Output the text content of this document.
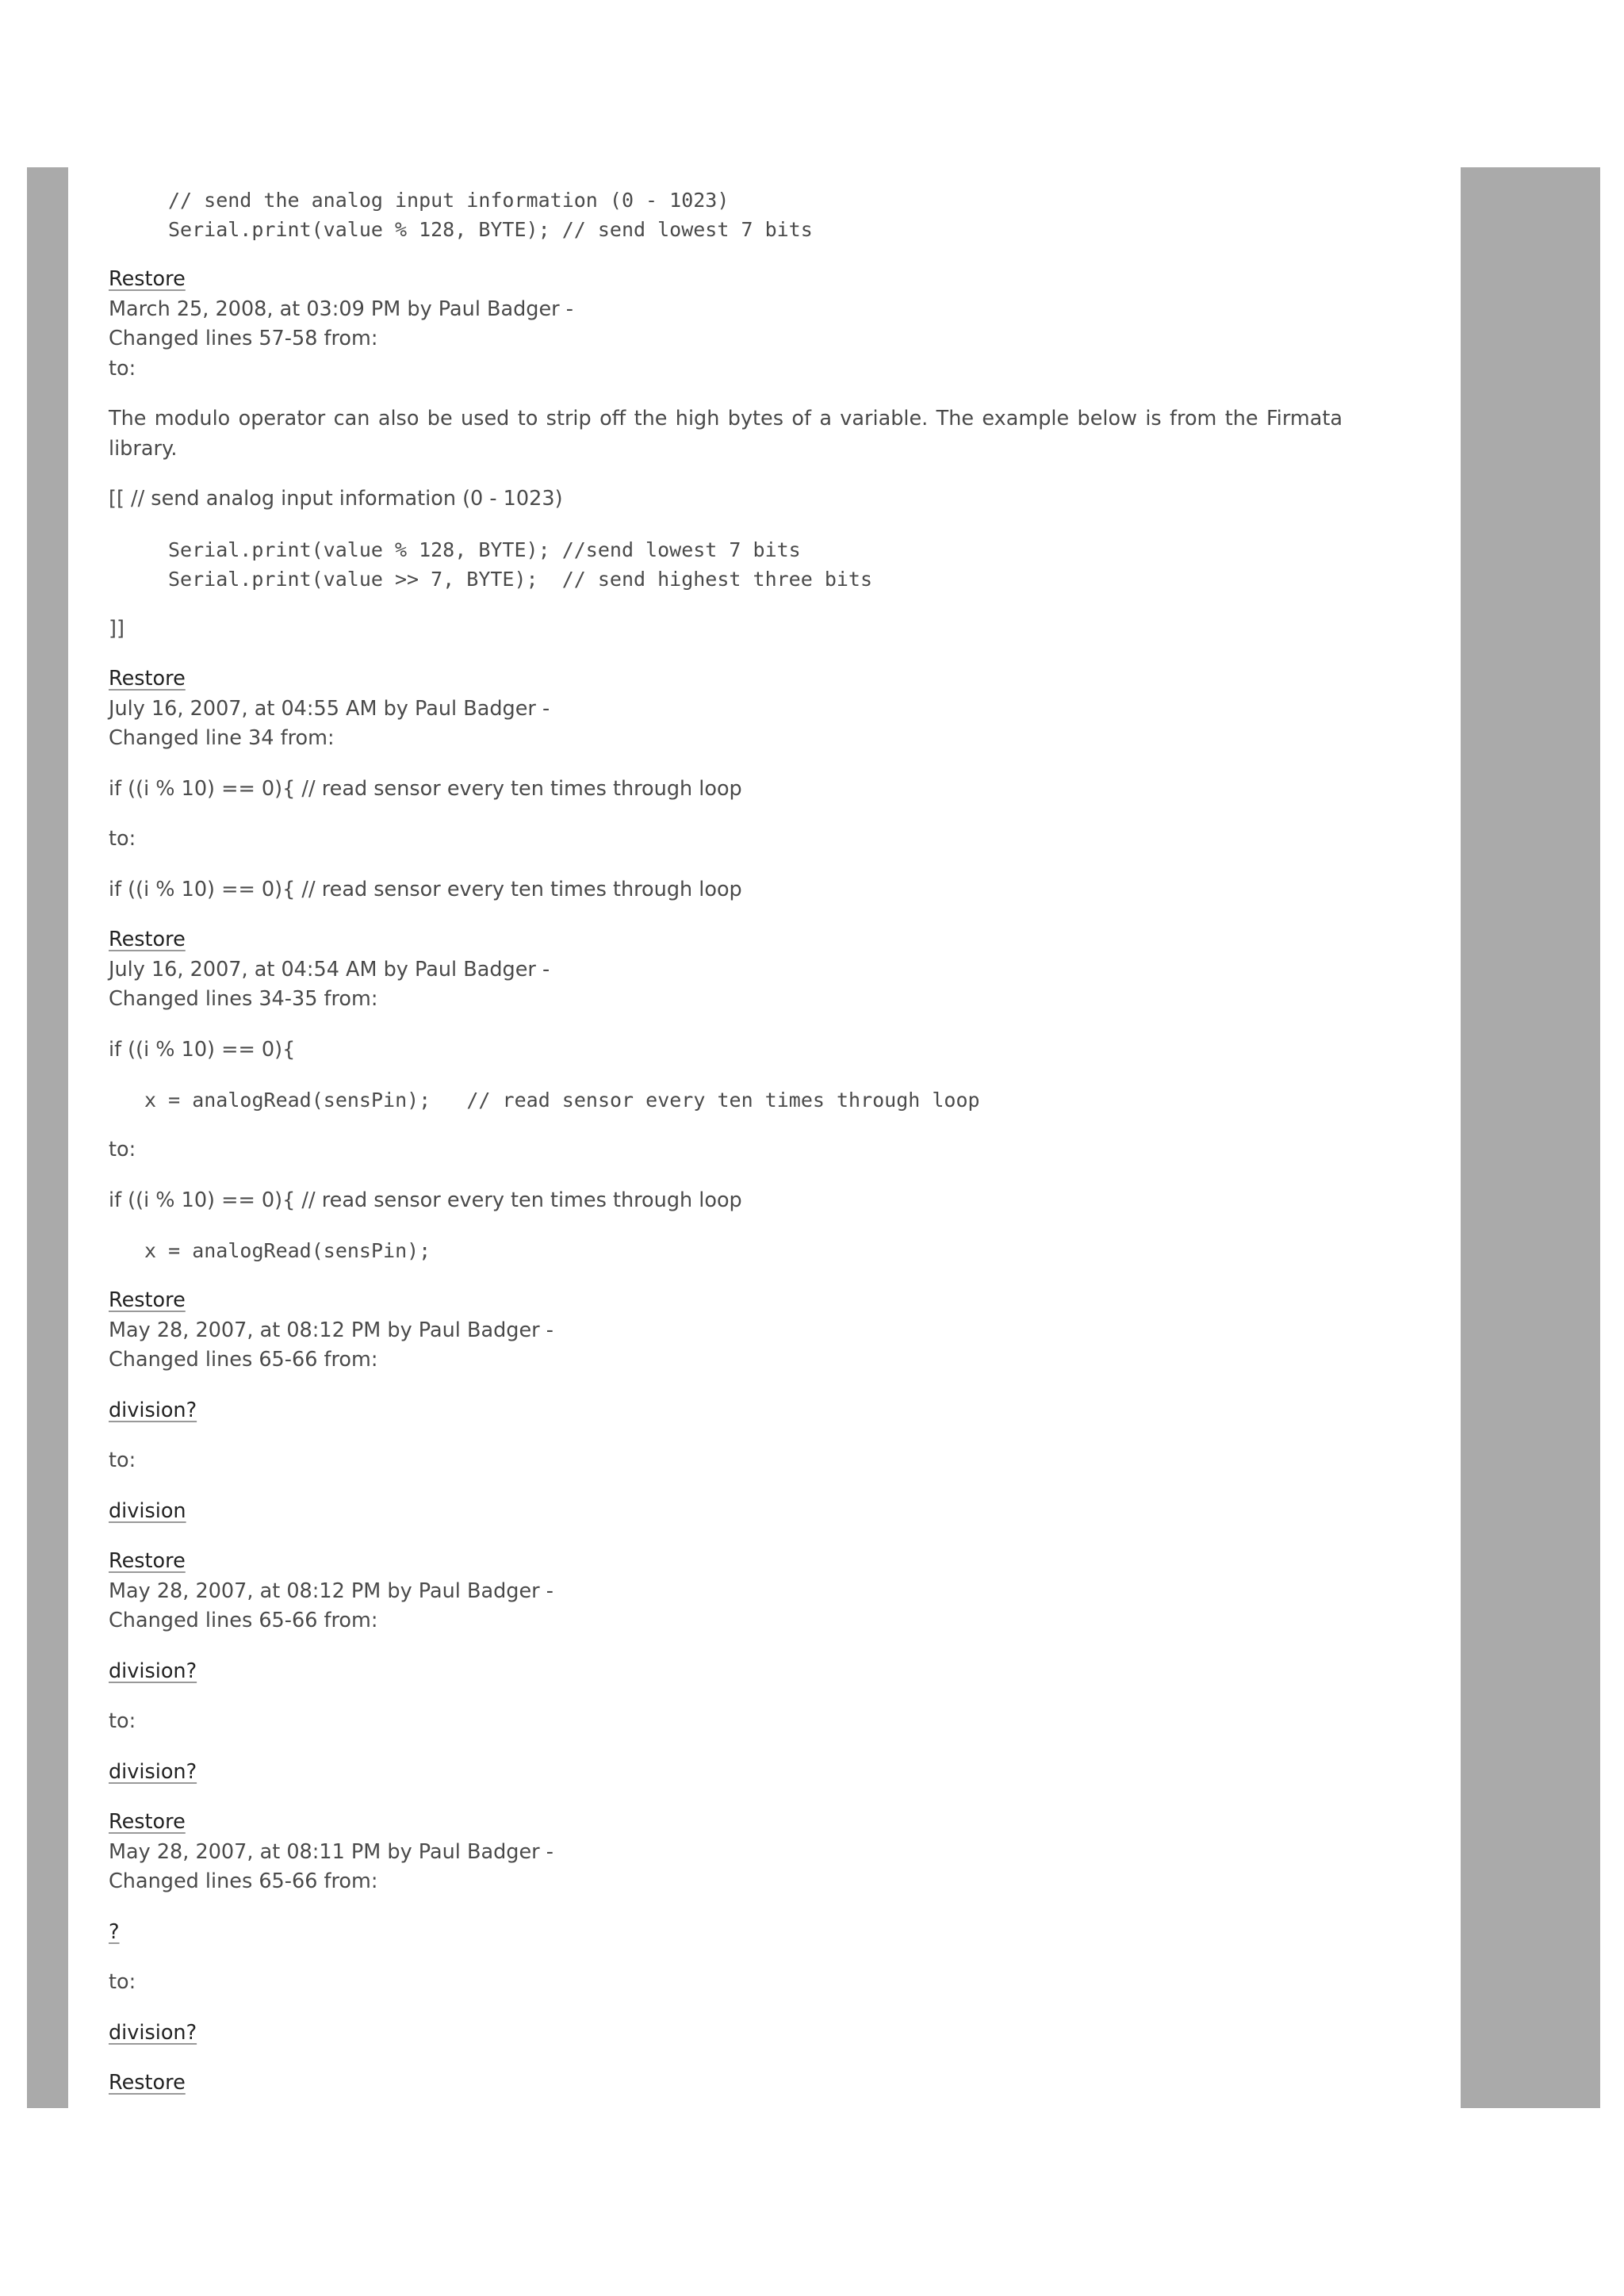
// send the analog input information (0 - 1023)
Serial.print(value % 128, BYTE); // send lowest 7 bits
Restore
March 25, 2008, at 03:09 PM by Paul Badger -
Changed lines 57-58 from:
to:
The modulo operator can also be used to strip off the high bytes of a variable. The example below is from the Firmata library.
[[ // send analog input information (0 - 1023)
Serial.print(value % 128, BYTE); //send lowest 7 bits
Serial.print(value >> 7, BYTE);  // send highest three bits
]]
Restore
July 16, 2007, at 04:55 AM by Paul Badger -
Changed line 34 from:
if ((i % 10) == 0){ // read sensor every ten times through loop
to:
if ((i % 10) == 0){ // read sensor every ten times through loop
Restore
July 16, 2007, at 04:54 AM by Paul Badger -
Changed lines 34-35 from:
if ((i % 10) == 0){
x = analogRead(sensPin);   // read sensor every ten times through loop
to:
if ((i % 10) == 0){ // read sensor every ten times through loop
x = analogRead(sensPin);
Restore
May 28, 2007, at 08:12 PM by Paul Badger -
Changed lines 65-66 from:
division?
to:
division
Restore
May 28, 2007, at 08:12 PM by Paul Badger -
Changed lines 65-66 from:
division?
to:
division?
Restore
May 28, 2007, at 08:11 PM by Paul Badger -
Changed lines 65-66 from:
?
to:
division?
Restore
